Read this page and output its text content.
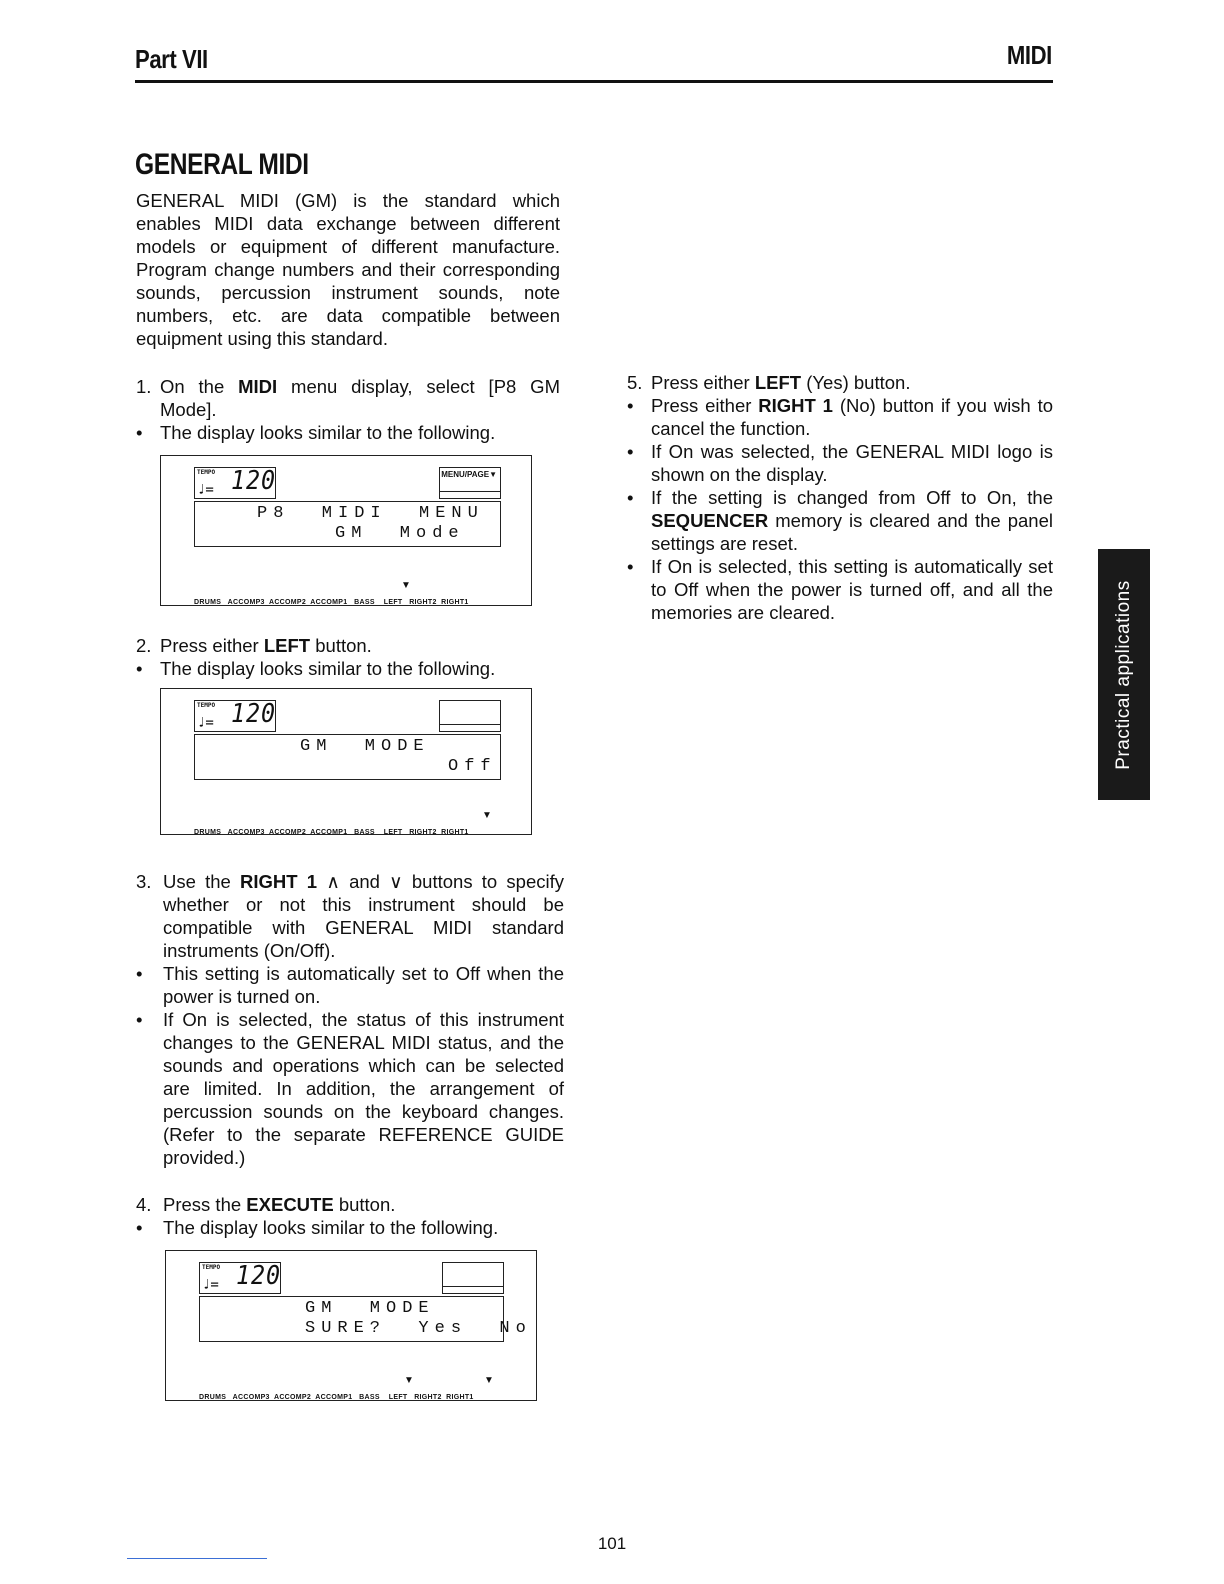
Part VII	MIDI
GENERAL MIDI
GENERAL MIDI (GM) is the standard which enables MIDI data exchange between different models or equipment of different manufacture. Program change numbers and their corresponding sounds, percussion instrument sounds, note numbers, etc. are data compatible between equipment using this standard.
1. On the MIDI menu display, select [P8 GM Mode].
• The display looks similar to the following.
TEMPO
♩= 120	MENU/PAGE▼
P8  MIDI  MENU
GM  Mode
▼
DRUMS   ACCOMP3  ACCOMP2  ACCOMP1   BASS    LEFT   RIGHT2  RIGHT1
2. Press either LEFT button.
• The display looks similar to the following.
TEMPO
♩= 120
GM  MODE
Off
▼
DRUMS   ACCOMP3  ACCOMP2  ACCOMP1   BASS    LEFT   RIGHT2  RIGHT1
3. Use the RIGHT 1 ∧ and ∨ buttons to specify whether or not this instrument should be compatible with GENERAL MIDI standard instruments (On/Off).
• This setting is automatically set to Off when the power is turned on.
• If On is selected, the status of this instrument changes to the GENERAL MIDI status, and the sounds and operations which can be selected are limited. In addition, the arrangement of percussion sounds on the keyboard changes. (Refer to the separate REFERENCE GUIDE provided.)
4. Press the EXECUTE button.
• The display looks similar to the following.
TEMPO
♩= 120
GM  MODE
SURE?  Yes  No
▼	▼
DRUMS   ACCOMP3  ACCOMP2  ACCOMP1   BASS    LEFT   RIGHT2  RIGHT1
5. Press either LEFT (Yes) button.
• Press either RIGHT 1 (No) button if you wish to cancel the function.
• If On was selected, the GENERAL MIDI logo is shown on the display.
• If the setting is changed from Off to On, the SEQUENCER memory is cleared and the panel settings are reset.
• If On is selected, this setting is automatically set to Off when the power is turned off, and all the memories are cleared.	Practical applications
101
